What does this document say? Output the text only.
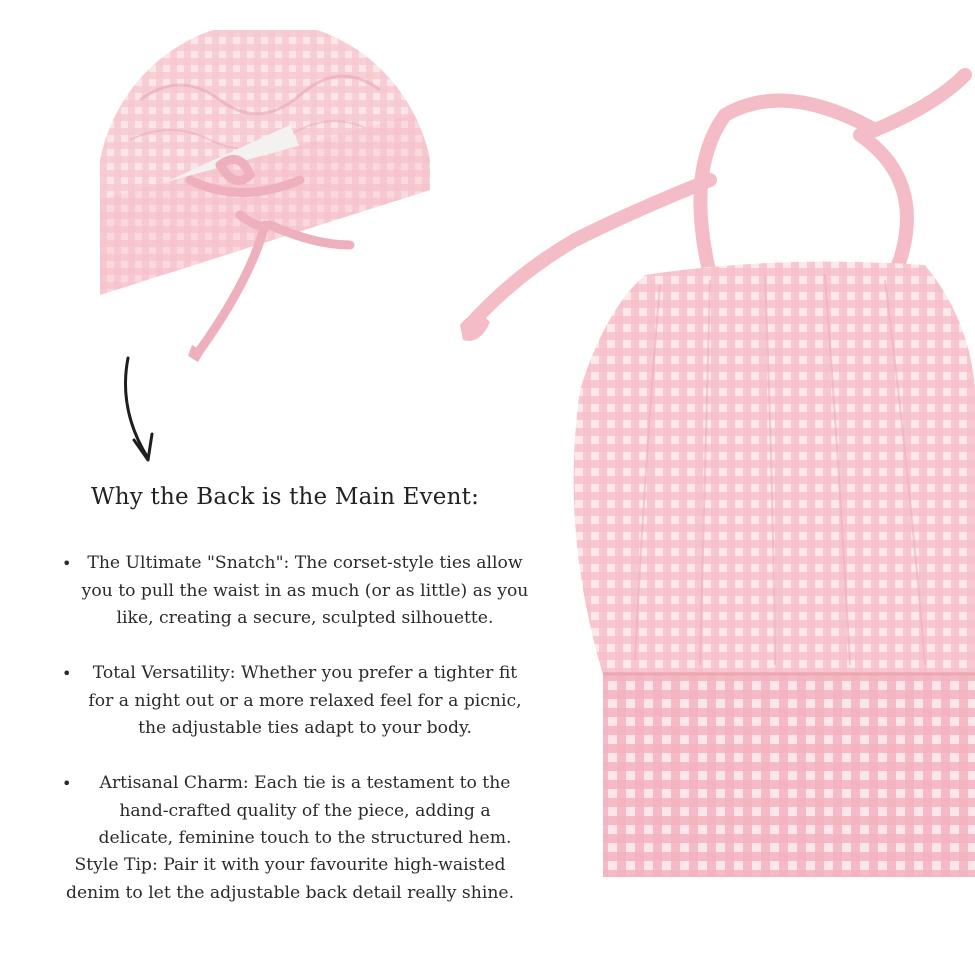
Why the Back is the Main Event:
• The Ultimate "Snatch": The corset-style ties allow you to pull the waist in as much (or as little) as you like, creating a secure, sculpted silhouette.
• Total Versatility: Whether you prefer a tighter fit for a night out or a more relaxed feel for a picnic, the adjustable ties adapt to your body.
• Artisanal Charm: Each tie is a testament to the hand-crafted quality of the piece, adding a delicate, feminine touch to the structured hem.
Style Tip: Pair it with your favourite high-waisted denim to let the adjustable back detail really shine.
